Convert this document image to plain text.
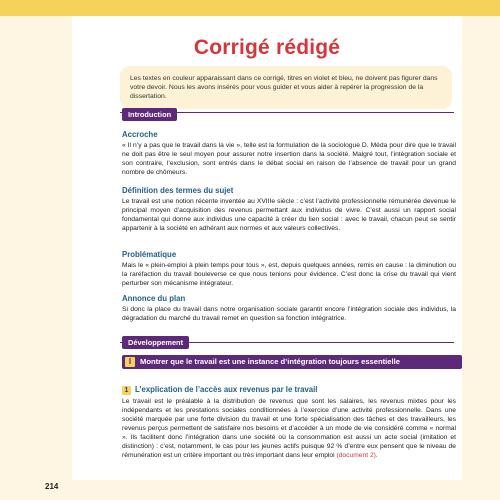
Corrigé rédigé
Les textes en couleur apparaissant dans ce corrigé, titres en violet et bleu, ne doivent pas figurer dans votre devoir. Nous les avons insérés pour vous guider et vous aider à repérer la progression de la dissertation.
Introduction
Accroche
« Il n’y a pas que le travail dans la vie », telle est la formulation de la sociologue D. Méda pour dire que le travail ne doit pas être le seul moyen pour assurer notre insertion dans la société. Malgré tout, l’intégration sociale et son contraire, l’exclusion, sont entrés dans le débat social en raison de l’absence de travail pour un grand nombre de chômeurs.
Définition des termes du sujet
Le travail est une notion récente inventée au XVIIIe siècle : c’est l’activité professionnelle rémunérée devenue le principal moyen d’acquisition des revenus permettant aux individus de vivre. C’est aussi un rapport social fondamental qui donne aux individus une capacité à créer du lien social : avec le travail, chacun peut se sentir appartenir à la société en adhérant aux normes et aux valeurs collectives.
Problématique
Mais le « plein-emploi à plein temps pour tous », est, depuis quelques années, remis en cause : la diminution ou la raréfaction du travail bouleverse ce que nous tenions pour évidence. C’est donc la crise du travail qui vient perturber son mécanisme intégrateur.
Annonce du plan
Si donc la place du travail dans notre organisation sociale garantit encore l’intégration sociale des individus, la dégradation du marché du travail remet en question sa fonction intégratrice.
Développement
I	Montrer que le travail est une instance d’intégration toujours essentielle
1 L’explication de l’accès aux revenus par le travail
Le travail est le préalable à la distribution de revenus que sont les salaires, les revenus mixtes pour les indépendants et les prestations sociales conditionnées à l’exercice d’une activité professionnelle. Dans une société marquée par une forte division du travail et une forte spécialisation des tâches et des travailleurs, les revenus perçus permettent de satisfaire nos besoins et d’accéder à un mode de vie considéré comme « normal ». Ils facilitent donc l’intégration dans une société où la consommation est aussi un acte social (imitation et distinction) : c’est, notamment, le cas pour les jeunes actifs puisque 92 % d’entre eux pensent que le niveau de rémunération est un critère important ou très important dans leur emploi (document 2).
214
